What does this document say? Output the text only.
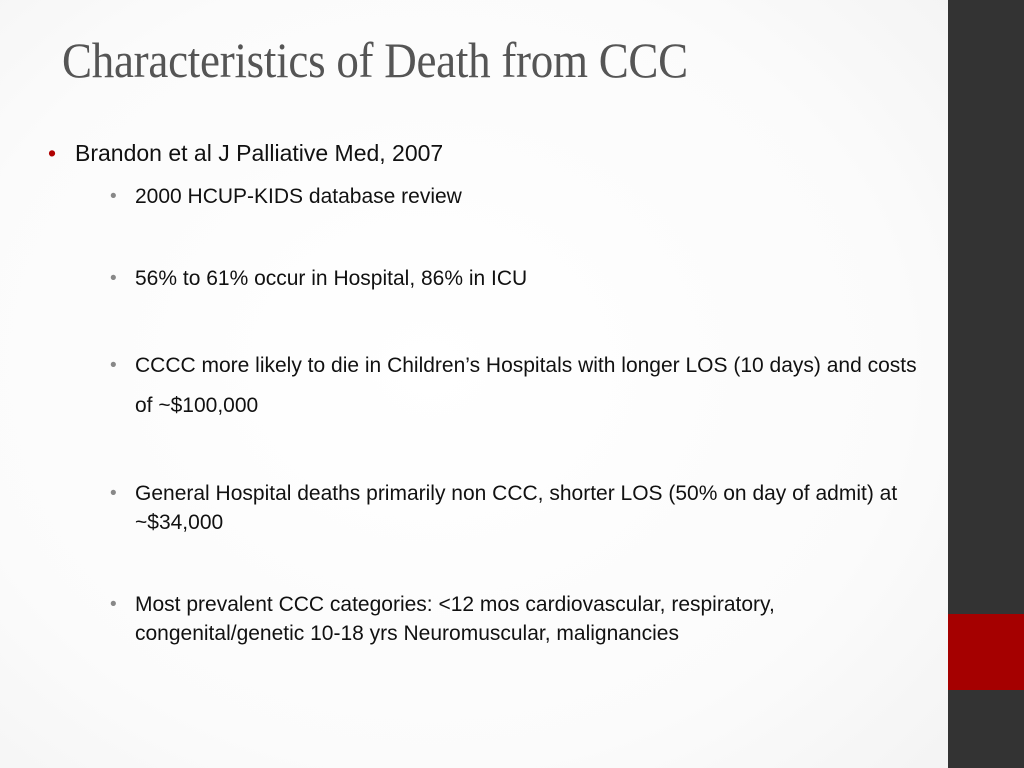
Characteristics of Death from CCC
• Brandon et al J Palliative Med, 2007
• 2000 HCUP-KIDS database review
• 56% to 61% occur in Hospital, 86% in ICU
• CCCC more likely to die in Children’s Hospitals with longer LOS (10 days) and costs of ~$100,000
• General Hospital deaths primarily non CCC, shorter LOS (50% on day of admit) at ~$34,000
• Most prevalent CCC categories: <12 mos cardiovascular, respiratory, congenital/genetic 10-18 yrs Neuromuscular, malignancies
